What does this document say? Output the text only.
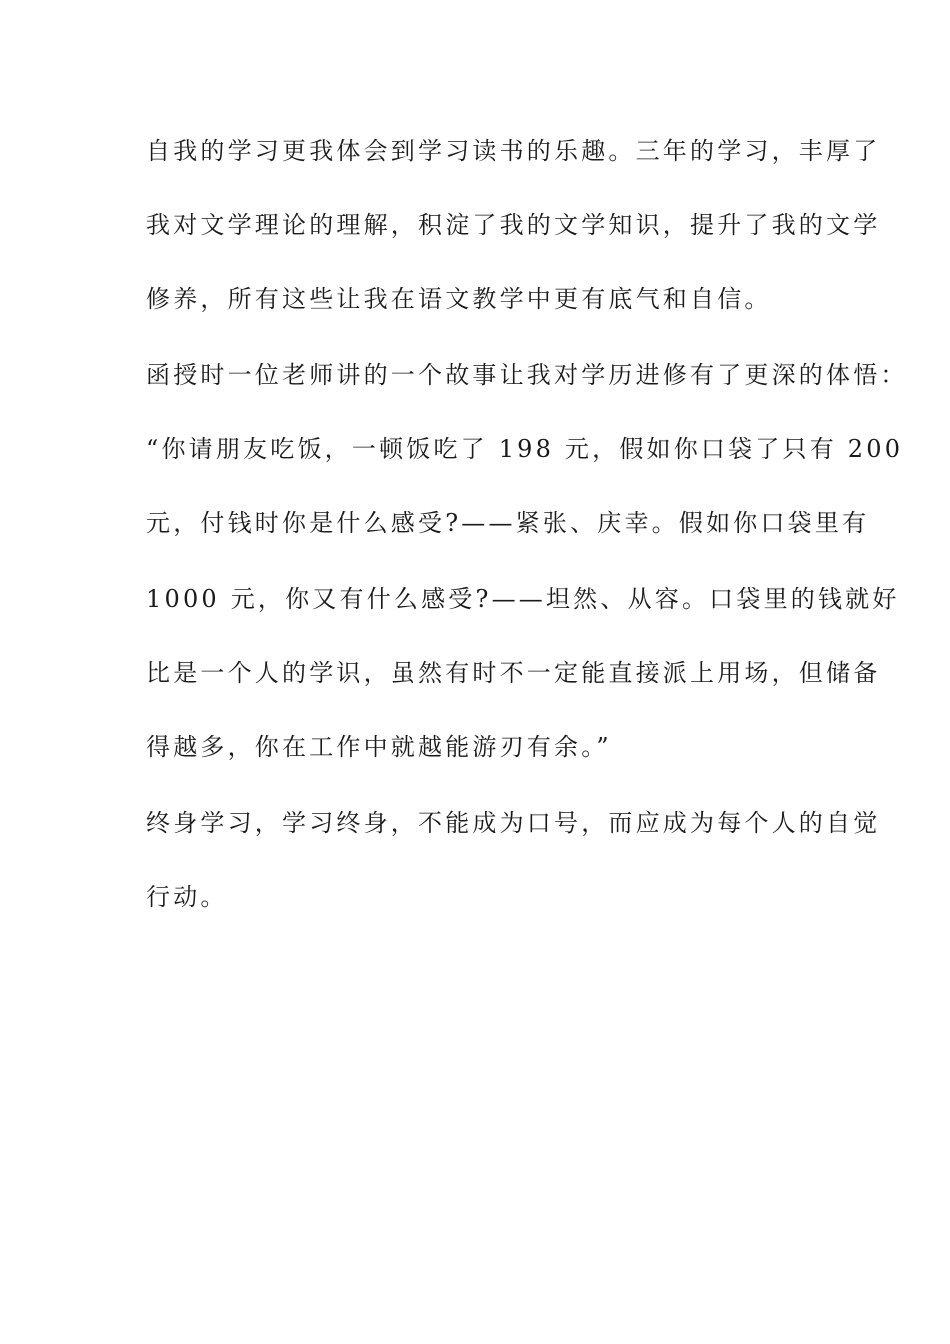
自我的学习更我体会到学习读书的乐趣。三年的学习，丰厚了
我对文学理论的理解，积淀了我的文学知识，提升了我的文学
修养，所有这些让我在语文教学中更有底气和自信。
函授时一位老师讲的一个故事让我对学历进修有了更深的体悟：
“你请朋友吃饭，一顿饭吃了 198 元，假如你口袋了只有 200
元，付钱时你是什么感受?——紧张、庆幸。假如你口袋里有
1000 元，你又有什么感受?——坦然、从容。口袋里的钱就好
比是一个人的学识，虽然有时不一定能直接派上用场，但储备
得越多，你在工作中就越能游刃有余。”
终身学习，学习终身，不能成为口号，而应成为每个人的自觉
行动。
